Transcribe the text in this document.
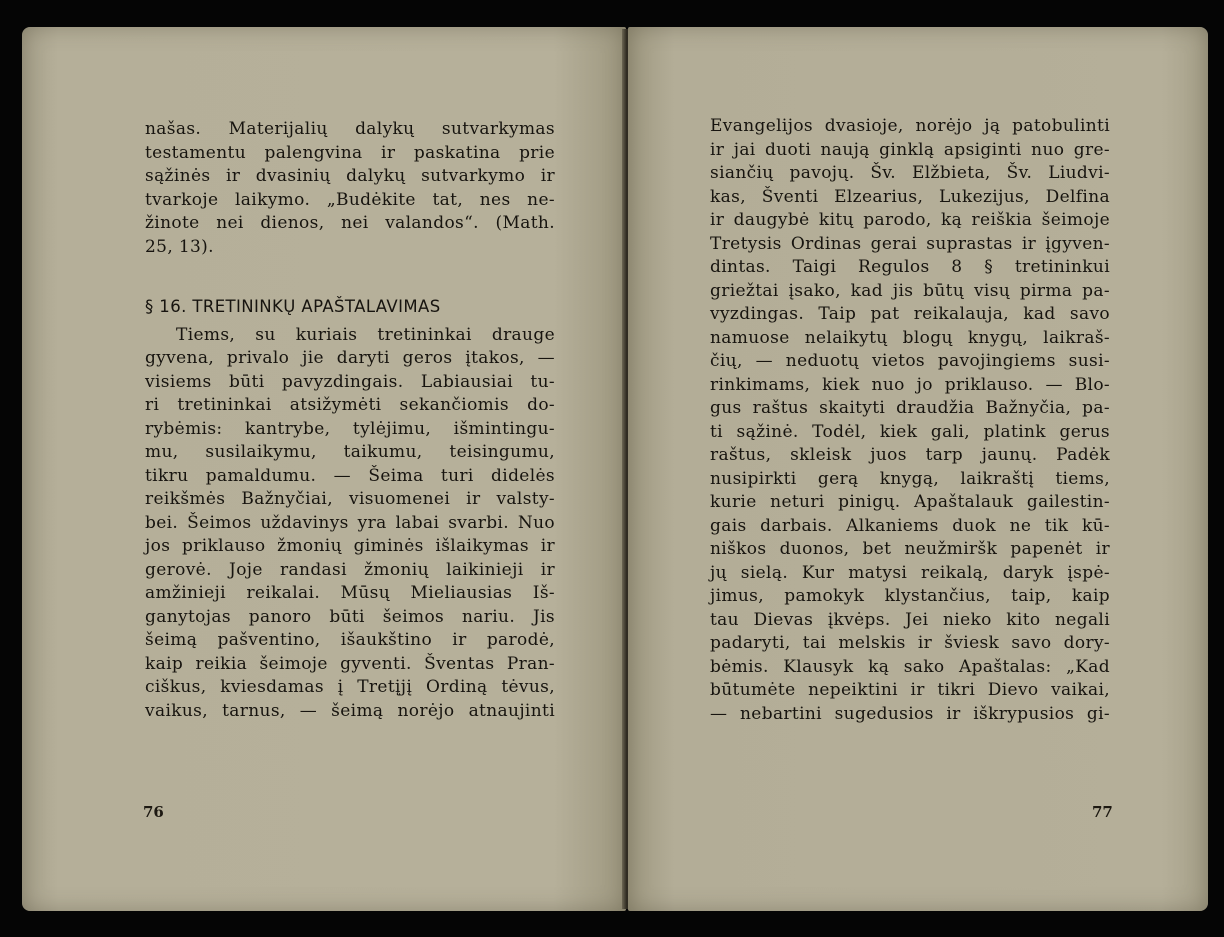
našas. Materijalių dalykų sutvarkymas
testamentu palengvina ir paskatina prie
sąžinės ir dvasinių dalykų sutvarkymo ir
tvarkoje laikymo. „Budėkite tat, nes ne-
žinote nei dienos, nei valandos“. (Math.
25, 13).
§ 16. TRETININKŲ APAŠTALAVIMAS
Tiems, su kuriais tretininkai drauge
gyvena, privalo jie daryti geros įtakos, —
visiems būti pavyzdingais. Labiausiai tu-
ri tretininkai atsižymėti sekančiomis do-
rybėmis: kantrybe, tylėjimu, išmintingu-
mu, susilaikymu, taikumu, teisingumu,
tikru pamaldumu. — Šeima turi didelės
reikšmės Bažnyčiai, visuomenei ir valsty-
bei. Šeimos uždavinys yra labai svarbi. Nuo
jos priklauso žmonių giminės išlaikymas ir
gerovė. Joje randasi žmonių laikinieji ir
amžinieji reikalai. Mūsų Mieliausias Iš-
ganytojas panoro būti šeimos nariu. Jis
šeimą pašventino, išaukštino ir parodė,
kaip reikia šeimoje gyventi. Šventas Pran-
ciškus, kviesdamas į Tretįjį Ordiną tėvus,
vaikus, tarnus, — šeimą norėjo atnaujinti
76
Evangelijos dvasioje, norėjo ją patobulinti
ir jai duoti naują ginklą apsiginti nuo gre-
siančių pavojų. Šv. Elžbieta, Šv. Liudvi-
kas, Šventi Elzearius, Lukezijus, Delfina
ir daugybė kitų parodo, ką reiškia šeimoje
Tretysis Ordinas gerai suprastas ir įgyven-
dintas. Taigi Regulos 8 § tretininkui
griežtai įsako, kad jis būtų visų pirma pa-
vyzdingas. Taip pat reikalauja, kad savo
namuose nelaikytų blogų knygų, laikraš-
čių, — neduotų vietos pavojingiems susi-
rinkimams, kiek nuo jo priklauso. — Blo-
gus raštus skaityti draudžia Bažnyčia, pa-
ti sąžinė. Todėl, kiek gali, platink gerus
raštus, skleisk juos tarp jaunų. Padėk
nusipirkti gerą knygą, laikraštį tiems,
kurie neturi pinigų. Apaštalauk gailestin-
gais darbais. Alkaniems duok ne tik kū-
niškos duonos, bet neužmiršk papenėt ir
jų sielą. Kur matysi reikalą, daryk įspė-
jimus, pamokyk klystančius, taip, kaip
tau Dievas įkvėps. Jei nieko kito negali
padaryti, tai melskis ir šviesk savo dory-
bėmis. Klausyk ką sako Apaštalas: „Kad
būtumėte nepeiktini ir tikri Dievo vaikai,
— nebartini sugedusios ir iškrypusios gi-
77
